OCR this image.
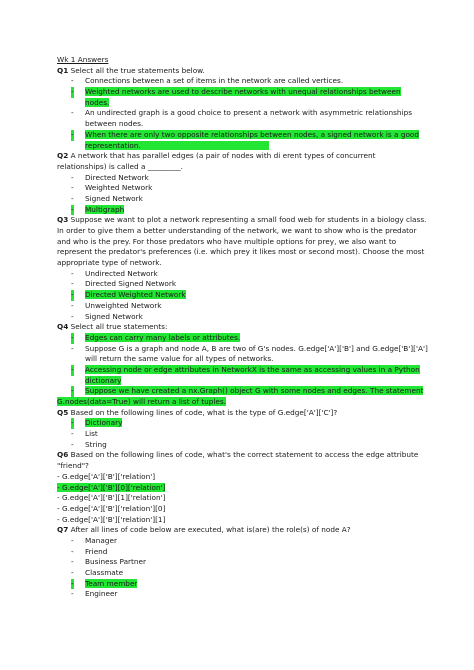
Wk 1 Answers
Q1 Select all the true statements below.
- Connections between a set of items in the network are called vertices.
- Weighted networks are used to describe networks with unequal relationships between
nodes.
- An undirected graph is a good choice to present a network with asymmetric relationships
between nodes.
- When there are only two opposite relationships between nodes, a signed network is a good
representation.
Q2 A network that has parallel edges (a pair of nodes with di erent types of concurrent
relationships) is called a _________.
- Directed Network
- Weighted Network
- Signed Network
- Multigraph
Q3 Suppose we want to plot a network representing a small food web for students in a biology class.
In order to give them a better understanding of the network, we want to show who is the predator
and who is the prey. For those predators who have multiple options for prey, we also want to
represent the predator's preferences (i.e. which prey it likes most or second most). Choose the most
appropriate type of network.
- Undirected Network
- Directed Signed Network
- Directed Weighted Network
- Unweighted Network
- Signed Network
Q4 Select all true statements:
- Edges can carry many labels or attributes.
- Suppose G is a graph and node A, B are two of G's nodes. G.edge['A']['B'] and G.edge['B']['A']
will return the same value for all types of networks.
- Accessing node or edge attributes in NetworkX is the same as accessing values in a Python
dictionary
- Suppose we have created a nx.Graph() object G with some nodes and edges. The statement
G.nodes(data=True) will return a list of tuples.
Q5 Based on the following lines of code, what is the type of G.edge['A']['C']?
- Dictionary
- List
- String
Q6 Based on the following lines of code, what's the correct statement to access the edge attribute
"friend"?
- G.edge['A']['B']['relation']
- G.edge['A']['B'][0]['relation']
- G.edge['A']['B'][1]['relation']
- G.edge['A']['B']['relation'][0]
- G.edge['A']['B']['relation'][1]
Q7 After all lines of code below are executed, what is(are) the role(s) of node A?
- Manager
- Friend
- Business Partner
- Classmate
- Team member
- Engineer
